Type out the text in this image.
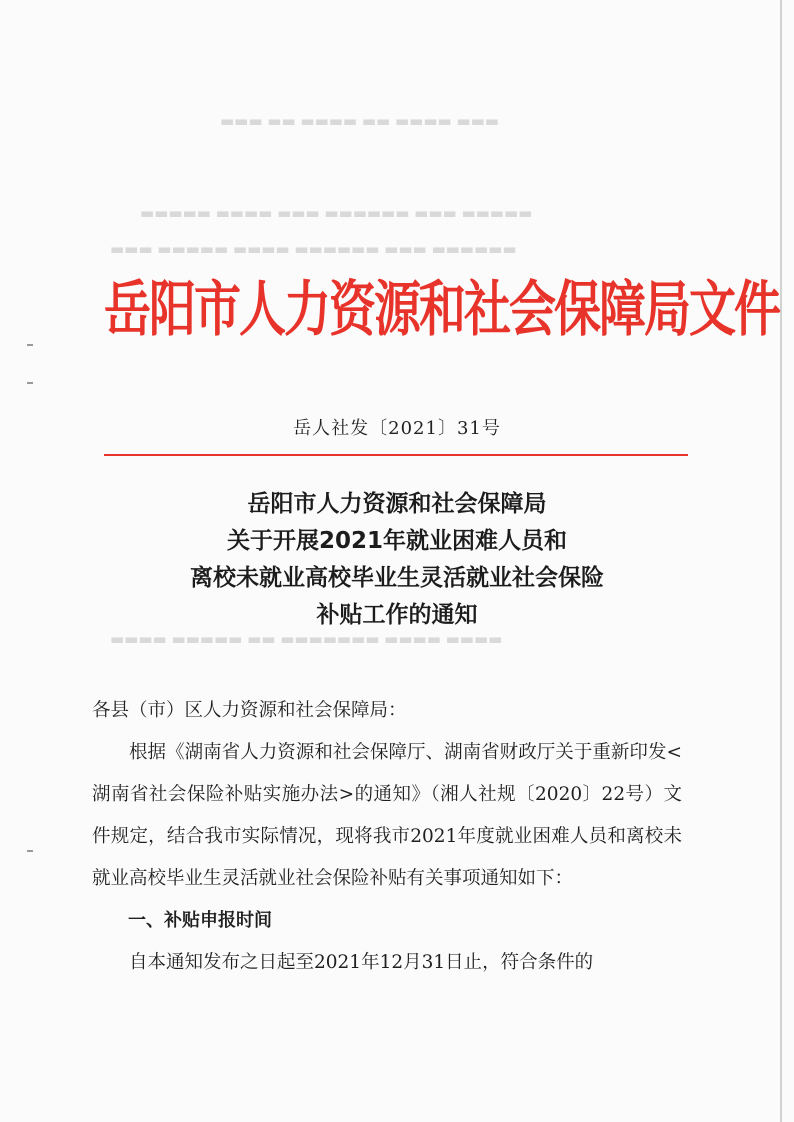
▬▬▬ ▬▬ ▬▬▬▬ ▬▬ ▬▬▬▬ ▬▬▬
▬▬▬▬▬ ▬▬▬▬ ▬▬▬ ▬▬▬▬▬▬ ▬▬▬ ▬▬▬▬▬
▬▬▬ ▬▬▬▬▬ ▬▬▬▬ ▬▬▬▬▬▬ ▬▬▬ ▬▬▬▬▬▬
▬▬▬▬ ▬▬▬▬▬ ▬▬ ▬▬▬▬▬▬▬ ▬▬▬▬ ▬▬▬▬
岳阳市人力资源和社会保障局文件
岳人社发〔2021〕31号
岳阳市人力资源和社会保障局
关于开展2021年就业困难人员和
离校未就业高校毕业生灵活就业社会保险
补贴工作的通知

各县（市）区人力资源和社会保障局：

根据《湖南省人力资源和社会保障厅、湖南省财政厅关于重新印发<湖南省社会保险补贴实施办法>的通知》（湘人社规〔2020〕22号）文件规定，结合我市实际情况，现将我市2021年度就业困难人员和离校未就业高校毕业生灵活就业社会保险补贴有关事项通知如下：

一、补贴申报时间

自本通知发布之日起至2021年12月31日止，符合条件的
